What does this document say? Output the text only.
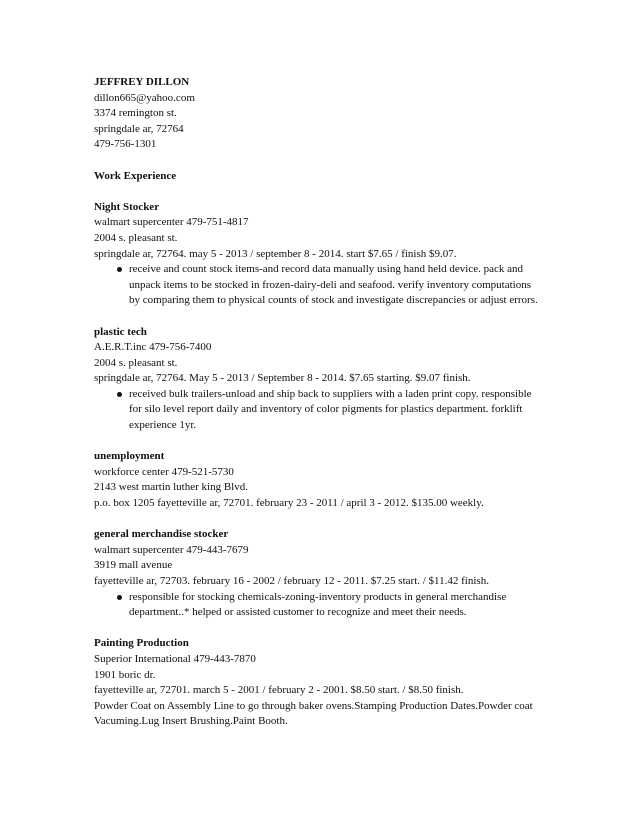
JEFFREY DILLON
dillon665@yahoo.com
3374 remington st.
springdale ar, 72764
479-756-1301
Work Experience
Night Stocker
walmart supercenter 479-751-4817
2004 s. pleasant st.
springdale ar, 72764. may 5 - 2013 / september 8 - 2014. start $7.65 / finish $9.07.
receive and count stock items-and record data manually using hand held device. pack and unpack items to be stocked in frozen-dairy-deli and seafood. verify inventory computations by comparing them to physical counts of stock and investigate discrepancies or adjust errors.
plastic tech
A.E.R.T.inc 479-756-7400
2004 s. pleasant st.
springdale ar, 72764. May 5 - 2013 / September 8 - 2014. $7.65 starting. $9.07 finish.
received bulk trailers-unload and ship back to suppliers with a laden print copy. responsible for silo level report daily and inventory of color pigments for plastics department. forklift experience 1yr.
unemployment
workforce center 479-521-5730
2143 west martin luther king Blvd.
p.o. box 1205 fayetteville ar, 72701. february 23 - 2011 / april 3 - 2012. $135.00 weekly.
general merchandise stocker
walmart supercenter 479-443-7679
3919 mall avenue
fayetteville ar, 72703. february 16 - 2002 / february 12 - 2011. $7.25 start. / $11.42 finish.
responsible for stocking chemicals-zoning-inventory products in general merchandise department..* helped or assisted customer to recognize and meet their needs.
Painting Production
Superior International 479-443-7870
1901 boric dr.
fayetteville ar, 72701. march 5 - 2001 / february 2 - 2001. $8.50 start. / $8.50 finish.
Powder Coat on Assembly Line to go through baker ovens.Stamping Production Dates.Powder coat Vacuming.Lug Insert Brushing.Paint Booth.
